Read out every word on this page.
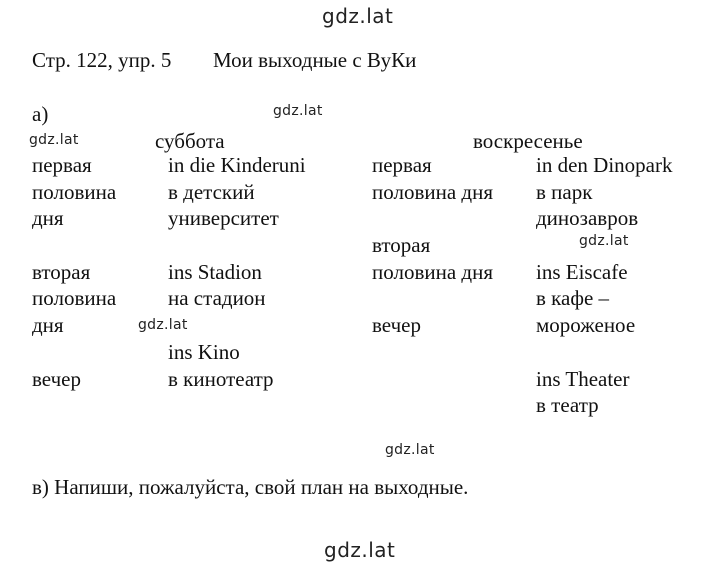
gdz.lat
gdz.lat
gdz.lat
gdz.lat
gdz.lat
gdz.lat
gdz.lat
Стр. 122, упр. 5 Мои выходные с ВуКи
а)
суббота
первая
половина
дня
вторая
половина
дня
вечер
in die Kinderuni
в детский
университет
ins Stadion
на стадион
ins Kino
в кинотеатр
воскресенье
первая
половина дня
вторая
половина дня
вечер
in den Dinopark
в парк
динозавров
ins Eiscafe
в кафе –
мороженое
ins Theater
в театр
в) Напиши, пожалуйста, свой план на выходные.
